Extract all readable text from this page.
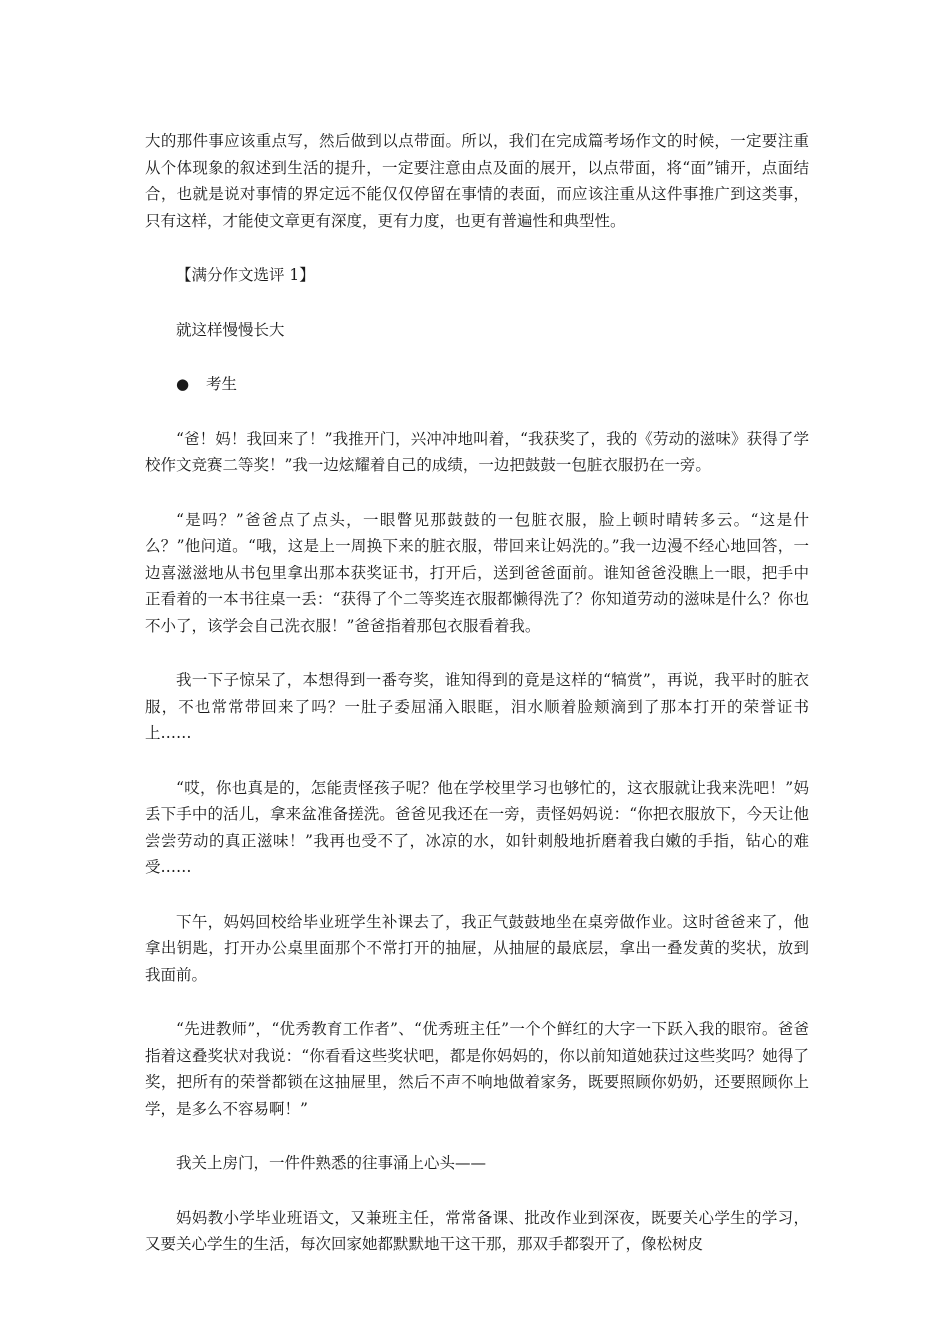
大的那件事应该重点写，然后做到以点带面。所以，我们在完成篇考场作文的时候，一定要注重从个体现象的叙述到生活的提升，一定要注意由点及面的展开，以点带面，将“面”铺开，点面结合，也就是说对事情的界定远不能仅仅停留在事情的表面，而应该注重从这件事推广到这类事，只有这样，才能使文章更有深度，更有力度，也更有普遍性和典型性。

【满分作文选评 1】

就这样慢慢长大

● 考生

“爸！妈！我回来了！”我推开门，兴冲冲地叫着，“我获奖了，我的《劳动的滋味》获得了学校作文竞赛二等奖！”我一边炫耀着自己的成绩，一边把鼓鼓一包脏衣服扔在一旁。

“是吗？”爸爸点了点头，一眼瞥见那鼓鼓的一包脏衣服，脸上顿时晴转多云。“这是什么？”他问道。“哦，这是上一周换下来的脏衣服，带回来让妈洗的。”我一边漫不经心地回答，一边喜滋滋地从书包里拿出那本获奖证书，打开后，送到爸爸面前。谁知爸爸没瞧上一眼，把手中正看着的一本书往桌一丢：“获得了个二等奖连衣服都懒得洗了？你知道劳动的滋味是什么？你也不小了，该学会自己洗衣服！”爸爸指着那包衣服看着我。

我一下子惊呆了，本想得到一番夸奖，谁知得到的竟是这样的“犒赏”，再说，我平时的脏衣服，不也常常带回来了吗？一肚子委屈涌入眼眶，泪水顺着脸颊滴到了那本打开的荣誉证书上……

“哎，你也真是的，怎能责怪孩子呢？他在学校里学习也够忙的，这衣服就让我来洗吧！”妈丢下手中的活儿，拿来盆准备搓洗。爸爸见我还在一旁，责怪妈妈说：“你把衣服放下，今天让他尝尝劳动的真正滋味！”我再也受不了，冰凉的水，如针刺般地折磨着我白嫩的手指，钻心的难受……

下午，妈妈回校给毕业班学生补课去了，我正气鼓鼓地坐在桌旁做作业。这时爸爸来了，他拿出钥匙，打开办公桌里面那个不常打开的抽屉，从抽屉的最底层，拿出一叠发黄的奖状，放到我面前。

“先进教师”，“优秀教育工作者”、“优秀班主任”一个个鲜红的大字一下跃入我的眼帘。爸爸指着这叠奖状对我说：“你看看这些奖状吧，都是你妈妈的，你以前知道她获过这些奖吗？她得了奖，把所有的荣誉都锁在这抽屉里，然后不声不响地做着家务，既要照顾你奶奶，还要照顾你上学，是多么不容易啊！”

我关上房门，一件件熟悉的往事涌上心头——

妈妈教小学毕业班语文，又兼班主任，常常备课、批改作业到深夜，既要关心学生的学习，又要关心学生的生活，每次回家她都默默地干这干那，那双手都裂开了，像松树皮
